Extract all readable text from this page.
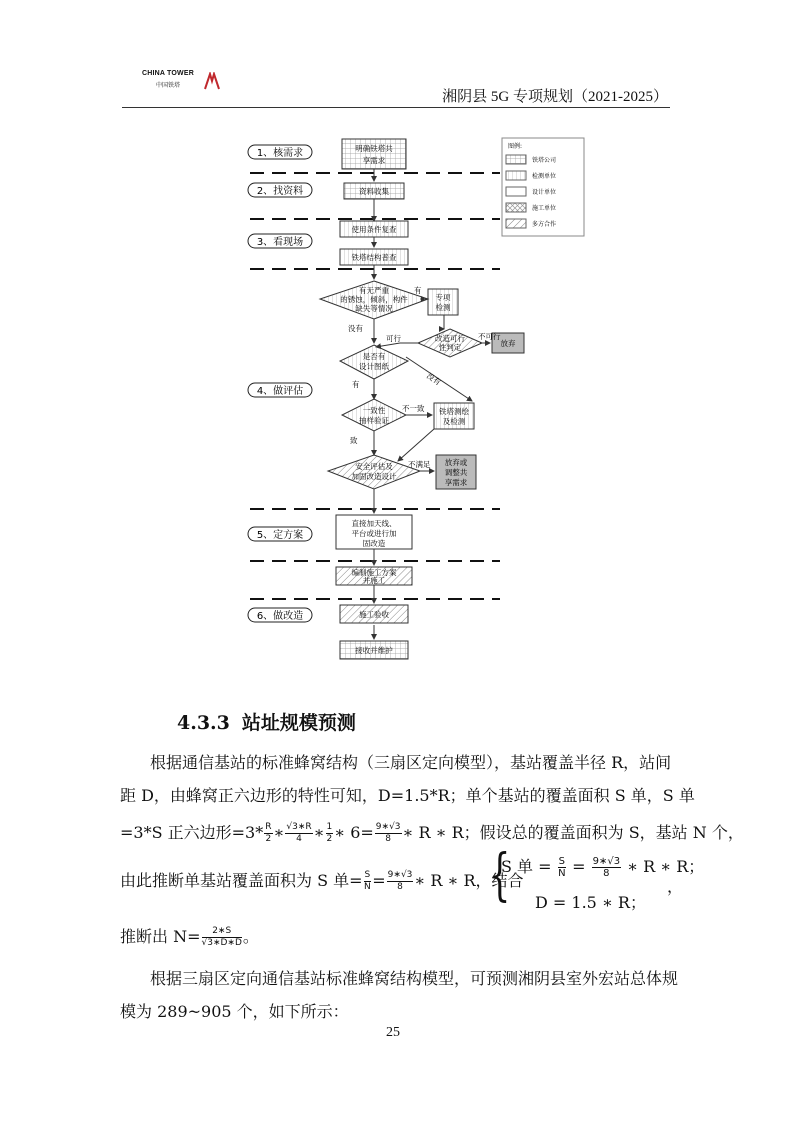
CHINA TOWER
中国铁塔
湘阴县 5G 专项规划（2021-2025）
1、核需求
2、找资料
3、看现场
4、做评估
5、定方案
6、做改造
图例:
铁塔公司
检测单位
设计单位
施工单位
多方合作
明确铁塔共
享需求
资料收集
使用条件复查
铁塔结构普查
有无严重
的锈蚀，倾斜，构件
缺失等情况
专项
检测
改造可行
性判定	放弃
是否有
设计图纸
一致性
抽样验证
铁塔测绘
及检测
安全评估及
加固改造设计
放弃或
调整共
享需求
直接加天线、
平台或进行加
固改造
编制施工方案
并施工
施工验收
接收并维护
有
没有
可行	不可行
有	没有
不一致
致
不满足
4.3.3 站址规模预测
根据通信基站的标准蜂窝结构（三扇区定向模型），基站覆盖半径 R，站间
距 D，由蜂窝正六边形的特性可知，D=1.5*R；单个基站的覆盖面积 S 单，S 单
=3*S 正六边形$=3* \frac{R}{2}$ ∗ $\frac{√3∗R}{4}$ ∗ $\frac{1}{2}$ ∗ $6= \frac{9∗√3}{8}$ ∗ R ∗ R；假设总的覆盖面积为 S，基站 N 个，
由此推断单基站覆盖面积为 S 单= $\frac{S}{N} = \frac{9∗√3}{8}$ ∗ R ∗ R，结合
{
S 单 = $\frac{S}{N} = \frac{9∗√3}{8}$ ∗ R ∗ R；
D = 1.5 ∗ R；
，
推断出 $N= \frac{2∗S}{√3∗D∗D}$ 。
根据三扇区定向通信基站标准蜂窝结构模型，可预测湘阴县室外宏站总体规
模为 289~905 个，如下所示：
25
